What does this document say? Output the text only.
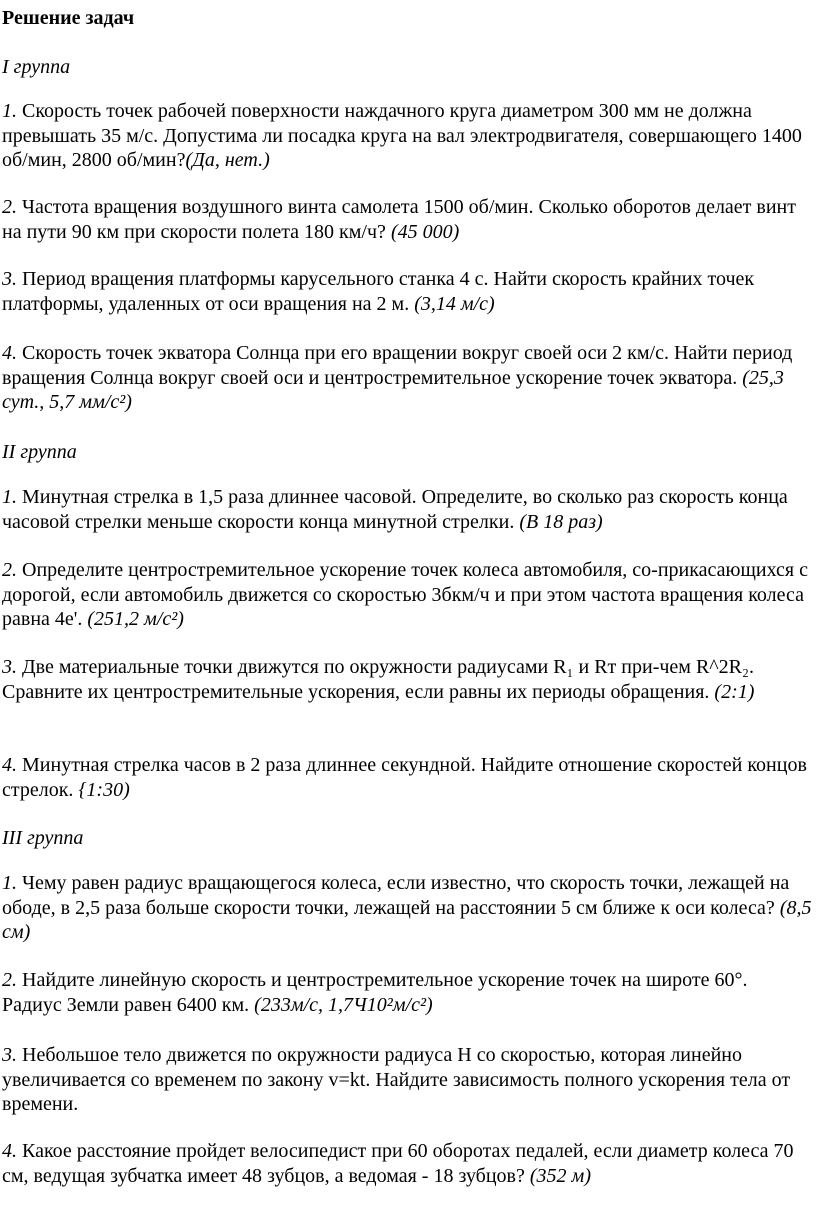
Решение задач
I группа
1. Скорость точек рабочей поверхности наждачного круга диаметром 300 мм не должна превышать 35 м/с. Допустима ли посадка круга на вал электродвигателя, совершающего 1400 об/мин, 2800 об/мин?(Да, нет.)
2. Частота вращения воздушного винта самолета 1500 об/мин. Сколько оборотов делает винт на пути 90 км при скорости полета 180 км/ч? (45 000)
3. Период вращения платформы карусельного станка 4 с. Найти скорость крайних точек платформы, удаленных от оси вращения на 2 м. (3,14 м/с)
4. Скорость точек экватора Солнца при его вращении вокруг своей оси 2 км/с. Найти период вращения Солнца вокруг своей оси и центростремительное ускорение точек экватора. (25,3 сут., 5,7 мм/с²)
II группа
1. Минутная стрелка в 1,5 раза длиннее часовой. Определите, во сколько раз скорость конца часовой стрелки меньше скорости конца минутной стрелки. (В 18 раз)
2. Определите центростремительное ускорение точек колеса автомобиля, со-прикасающихся с дорогой, если автомобиль движется со скоростью 3бкм/ч и при этом частота вращения колеса равна 4е'. (251,2 м/с²)
3. Две материальные точки движутся по окружности радиусами R₁ и Rт при-чем R^2R₂. Сравните их центростремительные ускорения, если равны их периоды обращения. (2:1)
4. Минутная стрелка часов в 2 раза длиннее секундной. Найдите отношение скоростей концов стрелок. {1:30)
III группа
1. Чему равен радиус вращающегося колеса, если известно, что скорость точки, лежащей на ободе, в 2,5 раза больше скорости точки, лежащей на расстоянии 5 см ближе к оси колеса? (8,5 см)
2. Найдите линейную скорость и центростремительное ускорение точек на широте 60°. Радиус Земли равен 6400 км. (233м/с, 1,7Ч10²м/с²)
3. Небольшое тело движется по окружности радиуса H со скоростью, которая линейно увеличивается со временем по закону v=kt. Найдите зависимость полного ускорения тела от времени.
4. Какое расстояние пройдет велосипедист при 60 оборотах педалей, если диаметр колеса 70 см, ведущая зубчатка имеет 48 зубцов, а ведомая - 18 зубцов? (352 м)
